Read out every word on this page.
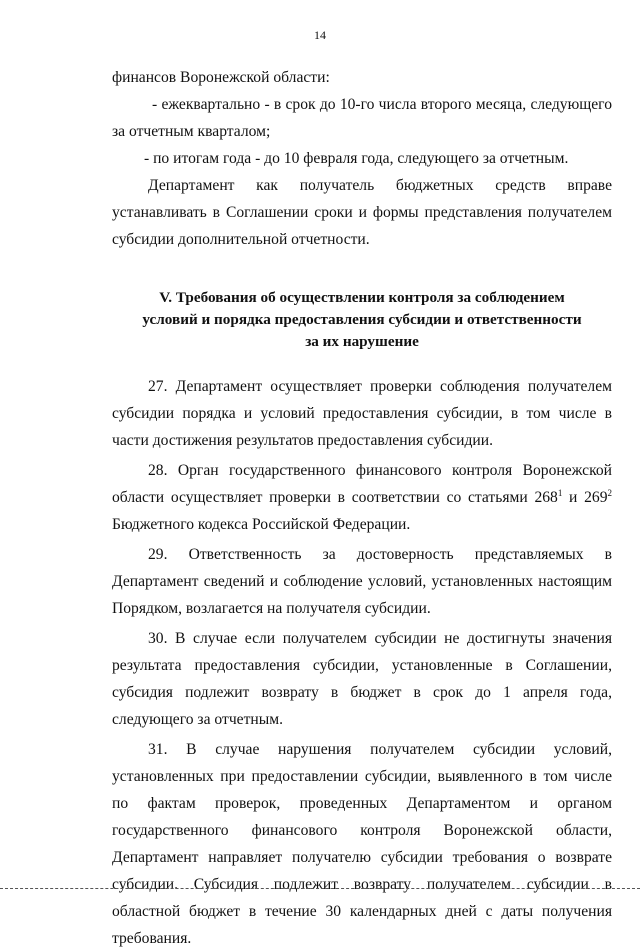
14

финансов Воронежской области:

- ежеквартально - в срок до 10-го числа второго месяца, следующего за отчетным кварталом;

- по итогам года - до 10 февраля года, следующего за отчетным.

Департамент как получатель бюджетных средств вправе устанавливать в Соглашении сроки и формы представления получателем субсидии дополнительной отчетности.

V. Требования об осуществлении контроля за соблюдением
условий и порядка предоставления субсидии и ответственности
за их нарушение

27. Департамент осуществляет проверки соблюдения получателем субсидии порядка и условий предоставления субсидии, в том числе в части достижения результатов предоставления субсидии.

28. Орган государственного финансового контроля Воронежской области осуществляет проверки в соответствии со статьями $268^1$ и $269^2$ Бюджетного кодекса Российской Федерации.

29. Ответственность за достоверность представляемых в Департамент сведений и соблюдение условий, установленных настоящим Порядком, возлагается на получателя субсидии.

30. В случае если получателем субсидии не достигнуты значения результата предоставления субсидии, установленные в Соглашении, субсидия подлежит возврату в бюджет в срок до 1 апреля года, следующего за отчетным.

31. В случае нарушения получателем субсидии условий, установленных при предоставлении субсидии, выявленного в том числе по фактам проверок, проведенных Департаментом и органом государственного финансового контроля Воронежской области, Департамент направляет получателю субсидии требования о возврате субсидии. Субсидия подлежит возврату получателем субсидии в областной бюджет в течение 30 календарных дней с даты получения требования.
